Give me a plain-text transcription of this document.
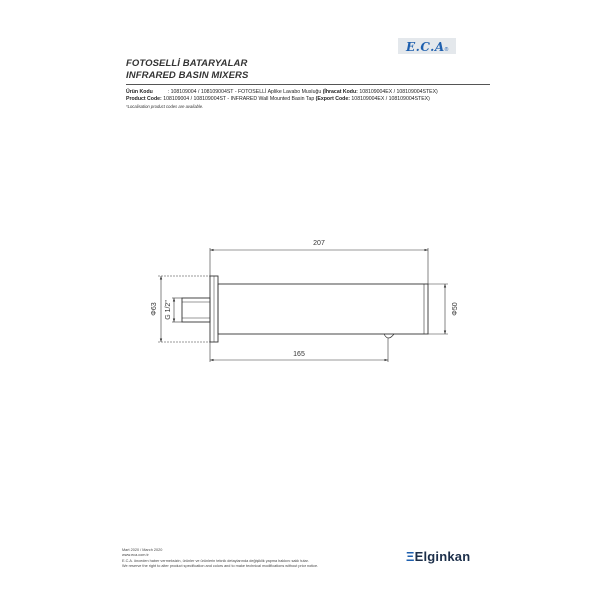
FOTOSELLİ BATARYALAR
INFRARED BASIN MIXERS
E.C.A®
Ürün Kodu	: 108109004 / 108109004ST - FOTOSELLİ Aplike Lavabo Musluğu (İhracat Kodu: 108109004EX / 108109004STEX)
Product Code: 108109004 / 108109004ST - INFRARED Wall Mounted Basin Tap (Export Code: 108109004EX / 108109004STEX)
*Localisation product codes are available.
207
165
Φ63 G 1/2"	Φ50
Mart 2020 / March 2020
www.eca.com.tr
E.C.A. önceden haber vermeksizin, ürünler ve ürünlerin teknik detaylarında değişiklik yapma hakkını saklı tutar.
We reserve the right to alter product specification and colors and to make technical modifications without prior notice.
ΞElginkan
